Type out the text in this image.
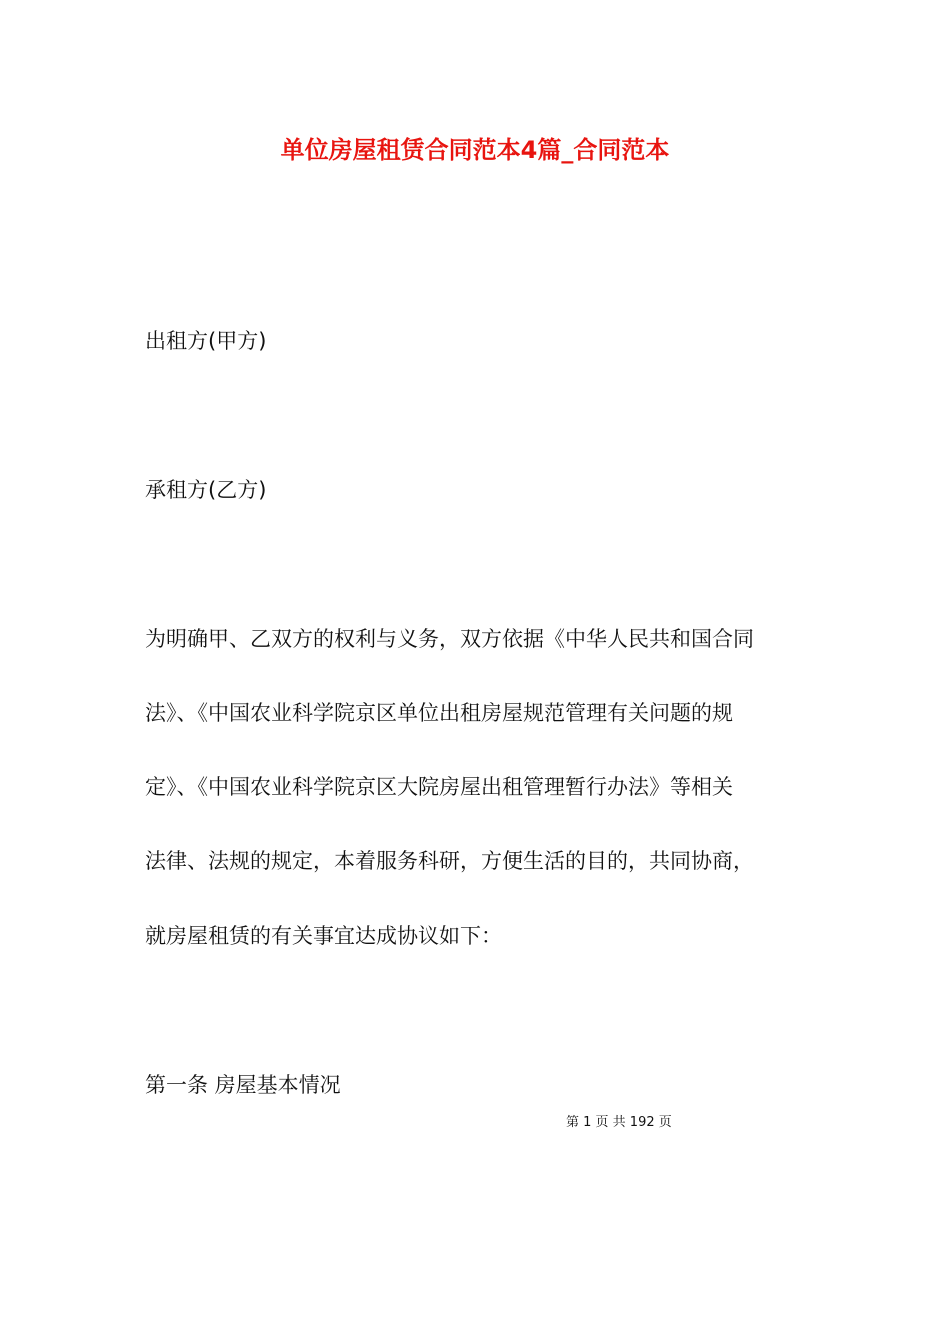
单位房屋租赁合同范本4篇_合同范本
出租方(甲方)
承租方(乙方)
为明确甲、乙双方的权利与义务，双方依据《中华人民共和国合同
法》、《中国农业科学院京区单位出租房屋规范管理有关问题的规
定》、《中国农业科学院京区大院房屋出租管理暂行办法》等相关
法律、法规的规定，本着服务科研，方便生活的目的，共同协商，
就房屋租赁的有关事宜达成协议如下：
第一条 房屋基本情况
第 1 页 共 192 页
